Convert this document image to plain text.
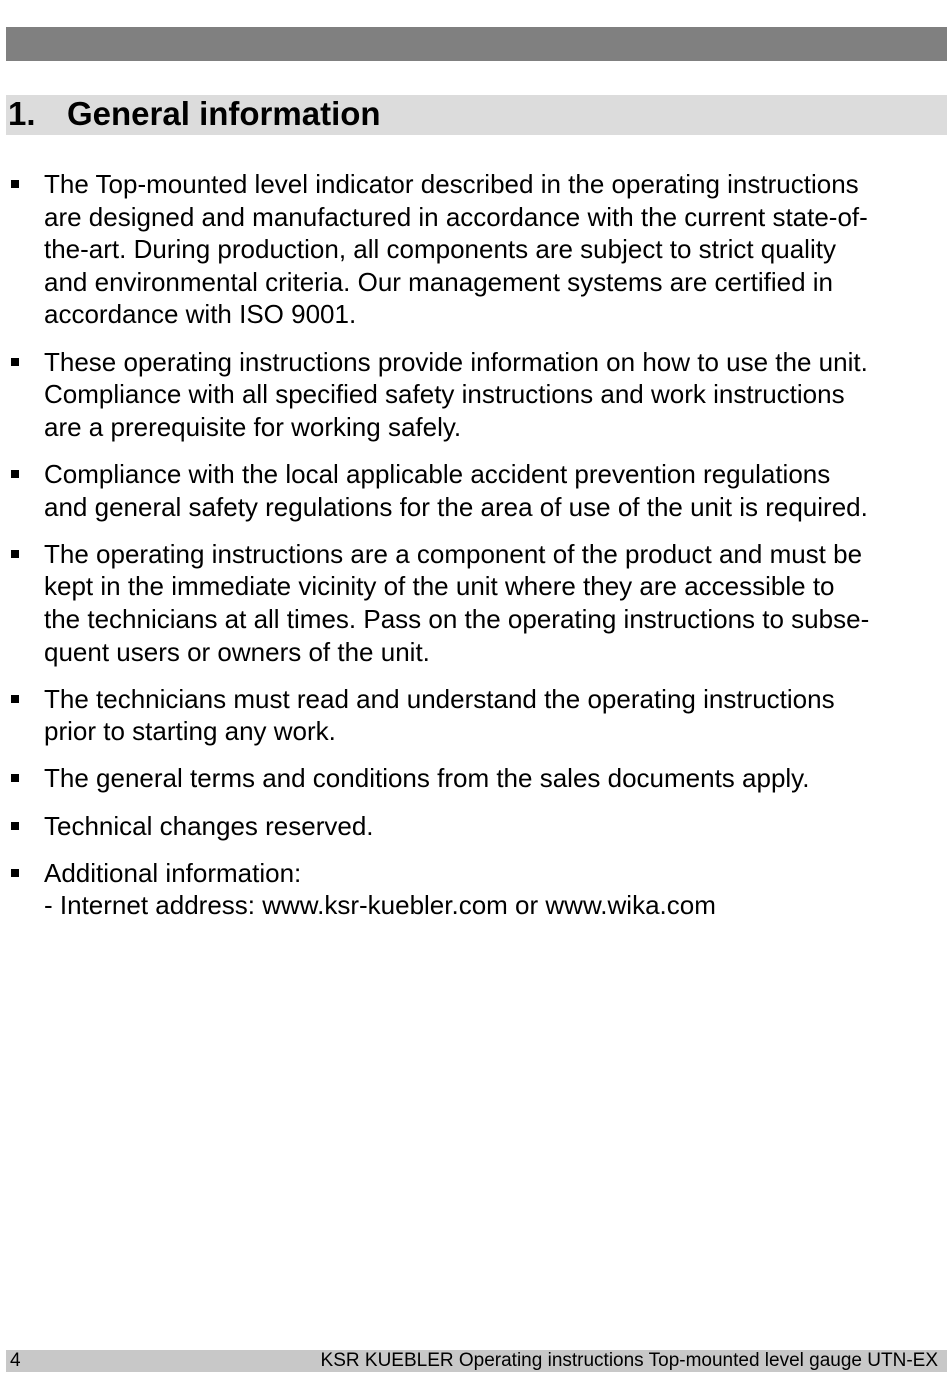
1. General information
The Top-mounted level indicator described in the operating instructions
are designed and manufactured in accordance with the current state-of-
the-art. During production, all components are subject to strict quality
and environmental criteria. Our management systems are certified in
accordance with ISO 9001.
These operating instructions provide information on how to use the unit.
Compliance with all specified safety instructions and work instructions
are a prerequisite for working safely.
Compliance with the local applicable accident prevention regulations
and general safety regulations for the area of use of the unit is required.
The operating instructions are a component of the product and must be
kept in the immediate vicinity of the unit where they are accessible to
the technicians at all times. Pass on the operating instructions to subse-
quent users or owners of the unit.
The technicians must read and understand the operating instructions
prior to starting any work.
The general terms and conditions from the sales documents apply.
Technical changes reserved.
Additional information:
- Internet address: www.ksr-kuebler.com or www.wika.com
4	KSR KUEBLER Operating instructions Top-mounted level gauge UTN-EX
